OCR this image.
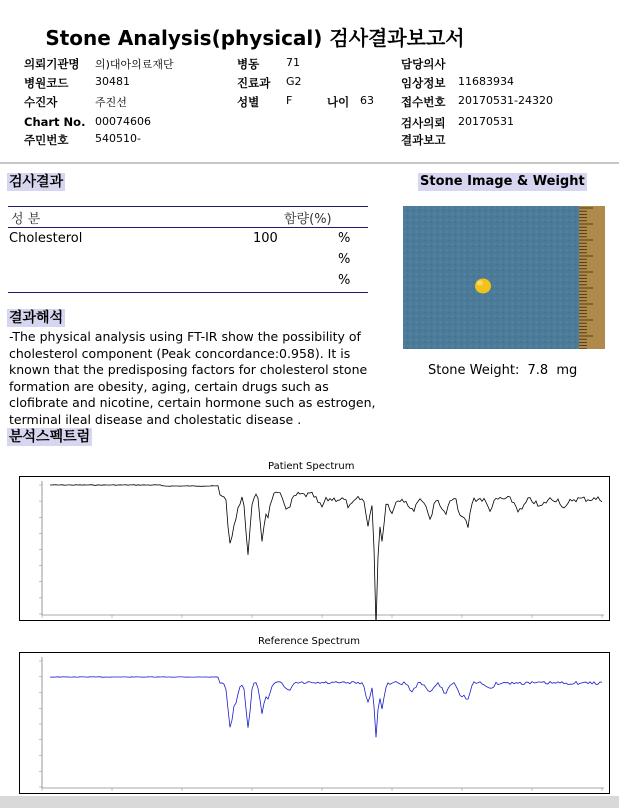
Stone Analysis(physical) 검사결과보고서
의뢰기관명 의)대아의료재단
병원코드 30481
수진자	주진선
Chart No. 00074606
주민번호 540510-
병동 71
진료과 G2
성별 F	나이 63
담당의사
임상정보 11683934
접수번호 20170531-24320
검사의뢰 20170531
결과보고
검사결과
성 분	함량(%)
Cholesterol	100	%
%
%
결과해석
-The physical analysis using FT-IR show the possibility of cholesterol component (Peak concordance:0.958). It is known that the predisposing factors for cholesterol stone formation are obesity, aging, certain drugs such as clofibrate and nicotine, certain hormone such as estrogen, terminal ileal disease and cholestatic disease .
Stone Image & Weight
Stone Weight: 7.8 mg
분석스펙트럼
Patient Spectrum
Reference Spectrum
